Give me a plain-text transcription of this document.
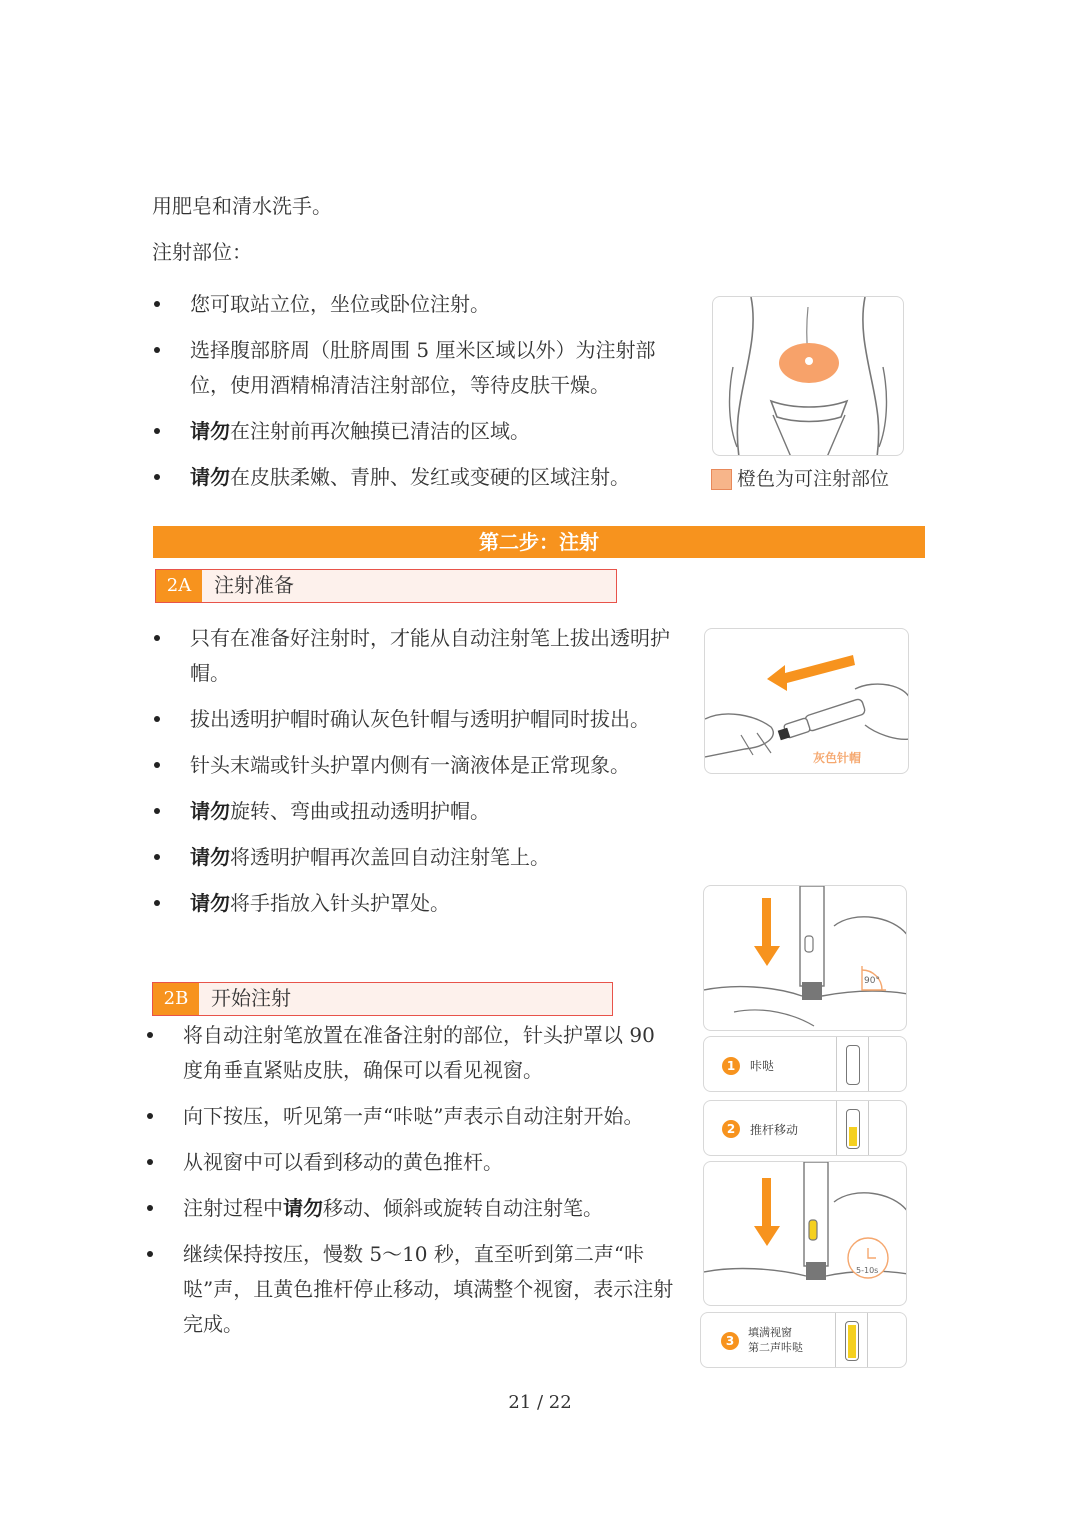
用肥皂和清水洗手。
注射部位：
您可取站立位，坐位或卧位注射。
选择腹部脐周（肚脐周围 5 厘米区域以外）为注射部位，使用酒精棉清洁注射部位，等待皮肤干燥。
请勿在注射前再次触摸已清洁的区域。
请勿在皮肤柔嫩、青肿、发红或变硬的区域注射。	橙色为可注射部位
第二步：注射
2A	注射准备
只有在准备好注射时，才能从自动注射笔上拔出透明护帽。
拔出透明护帽时确认灰色针帽与透明护帽同时拔出。
针头末端或针头护罩内侧有一滴液体是正常现象。
请勿旋转、弯曲或扭动透明护帽。
请勿将透明护帽再次盖回自动注射笔上。
请勿将手指放入针头护罩处。
灰色针帽
2B	开始注射
将自动注射笔放置在准备注射的部位，针头护罩以 90 度角垂直紧贴皮肤，确保可以看见视窗。
向下按压，听见第一声“咔哒”声表示自动注射开始。
从视窗中可以看到移动的黄色推杆。
注射过程中请勿移动、倾斜或旋转自动注射笔。
继续保持按压，慢数 5～10 秒，直至听到第二声“咔哒”声，且黄色推杆停止移动，填满整个视窗，表示注射完成。
90°
1	咔哒
2	推杆移动
5-10s
3
填满视窗
第二声咔哒
21 / 22
